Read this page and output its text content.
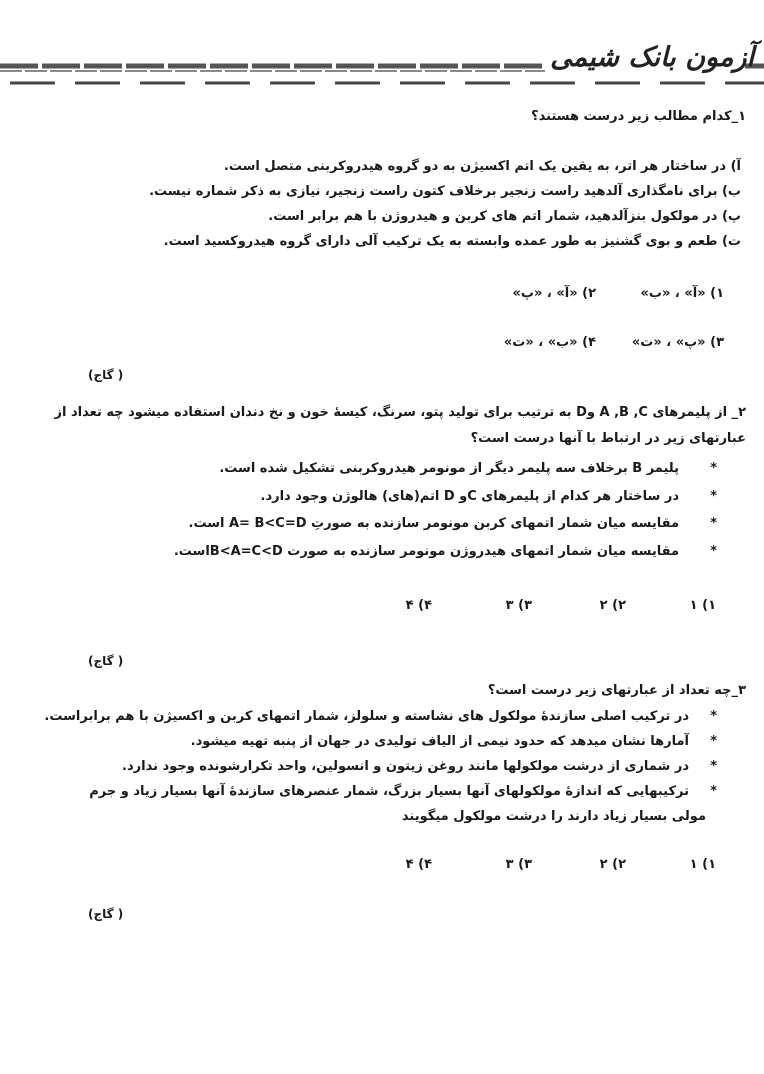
آزمون بانک شیمی
۱_کدام مطالب زیر درست هستند؟
آ) در ساختار هر اتر، به یقین یک اتم اکسیژن به دو گروه هیدروکربنی متصل است.
ب) برای نامگذاری آلدهید راست زنجیر برخلاف کتون راست زنجیر، نیازی به ذکر شماره نیست.
پ) در مولکول بنزآلدهید، شمار اتم های کربن و هیدروژن با هم برابر است.
ت) طعم و بوی گشنیز به طور عمده وابسته به یک ترکیب آلی دارای گروه هیدروکسید است.
۱) «آ» ، «ب»
۲) «آ» ، «پ»
۳) «پ» ، «ت»
۴) «ب» ، «ت»
( گاج)
۲_ از پلیمرهای A ,B ,C وD به ترتیب برای تولید پتو، سرنگ، کیسهٔ خون و نخ دندان استفاده میشود چه تعداد از
عبارتهای زیر در ارتباط با آنها درست است؟
*
پلیمر B برخلاف سه پلیمر دیگر از مونومر هیدروکربنی تشکیل شده است.
*
در ساختار هر کدام از پلیمرهای Cو D اتم(های) هالوژن وجود دارد.
*
مقایسه میان شمار اتمهای کربن مونومر سازنده به صورتِ A= B<C=D است.
*
مقایسه میان شمار اتمهای هیدروژن مونومر سازنده به صورت B<A=C<Dاست.
۱) ۱
۲) ۲
۳) ۳
۴) ۴
( گاج)
۳_چه تعداد از عبارتهای زیر درست است؟
*
در ترکیب اصلی سازندهٔ مولکول های نشاسته و سلولز، شمار اتمهای کربن و اکسیژن با هم برابراست.
*
آمارها نشان میدهد که حدود نیمی از الیاف تولیدی در جهان از پنبه تهیه میشود.
*
در شماری از درشت مولکولها مانند روغن زیتون و انسولین، واحد تکرارشونده وجود ندارد.
*
ترکیبهایی که اندازهٔ مولکولهای آنها بسیار بزرگ، شمار عنصرهای سازندهٔ آنها بسیار زیاد و جرم
مولی بسیار زیاد دارند را درشت مولکول میگویند
۱) ۱
۲) ۲
۳) ۳
۴) ۴
( گاج)
